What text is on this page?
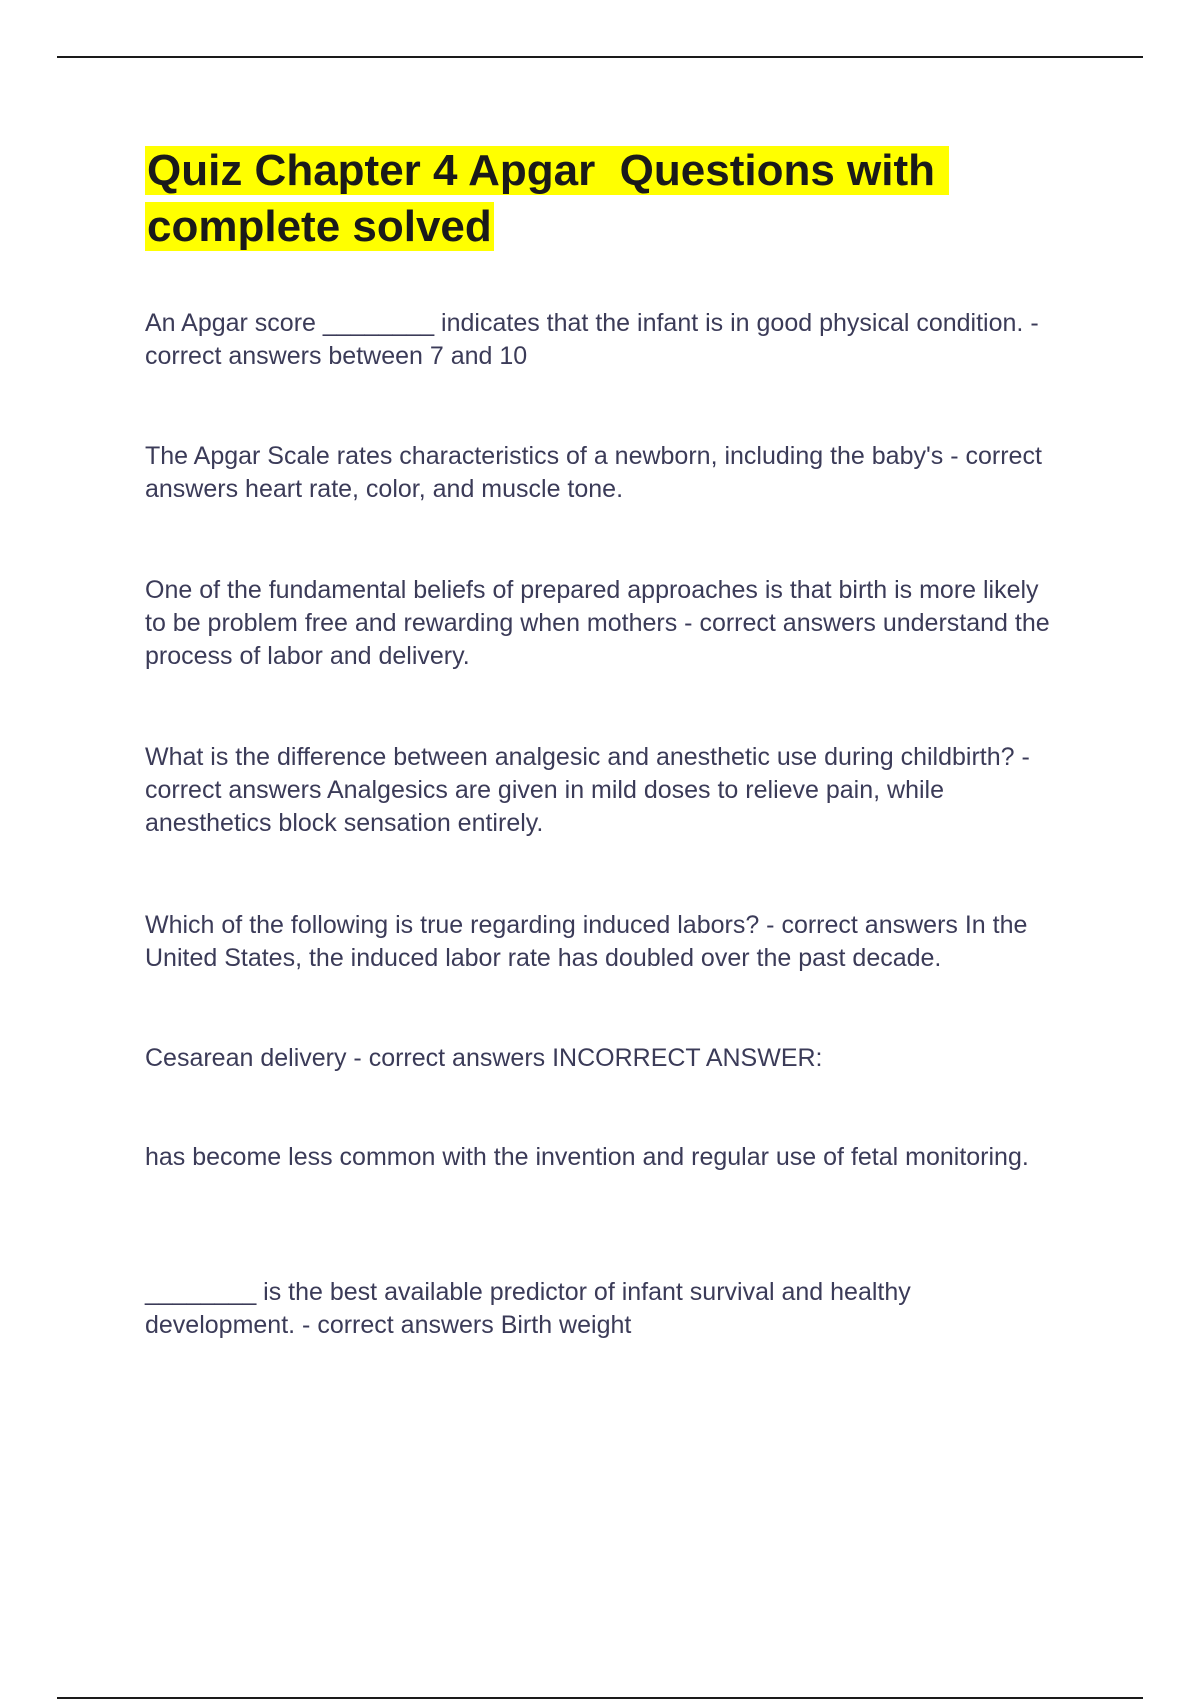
Quiz Chapter 4 Apgar  Questions with complete solved

An Apgar score ________ indicates that the infant is in good physical condition. - correct answers between 7 and 10

The Apgar Scale rates characteristics of a newborn, including the baby's - correct answers heart rate, color, and muscle tone.

One of the fundamental beliefs of prepared approaches is that birth is more likely to be problem free and rewarding when mothers - correct answers understand the process of labor and delivery.

What is the difference between analgesic and anesthetic use during childbirth? - correct answers Analgesics are given in mild doses to relieve pain, while anesthetics block sensation entirely.

Which of the following is true regarding induced labors? - correct answers In the United States, the induced labor rate has doubled over the past decade.

Cesarean delivery - correct answers INCORRECT ANSWER:

has become less common with the invention and regular use of fetal monitoring.

________ is the best available predictor of infant survival and healthy development. - correct answers Birth weight
